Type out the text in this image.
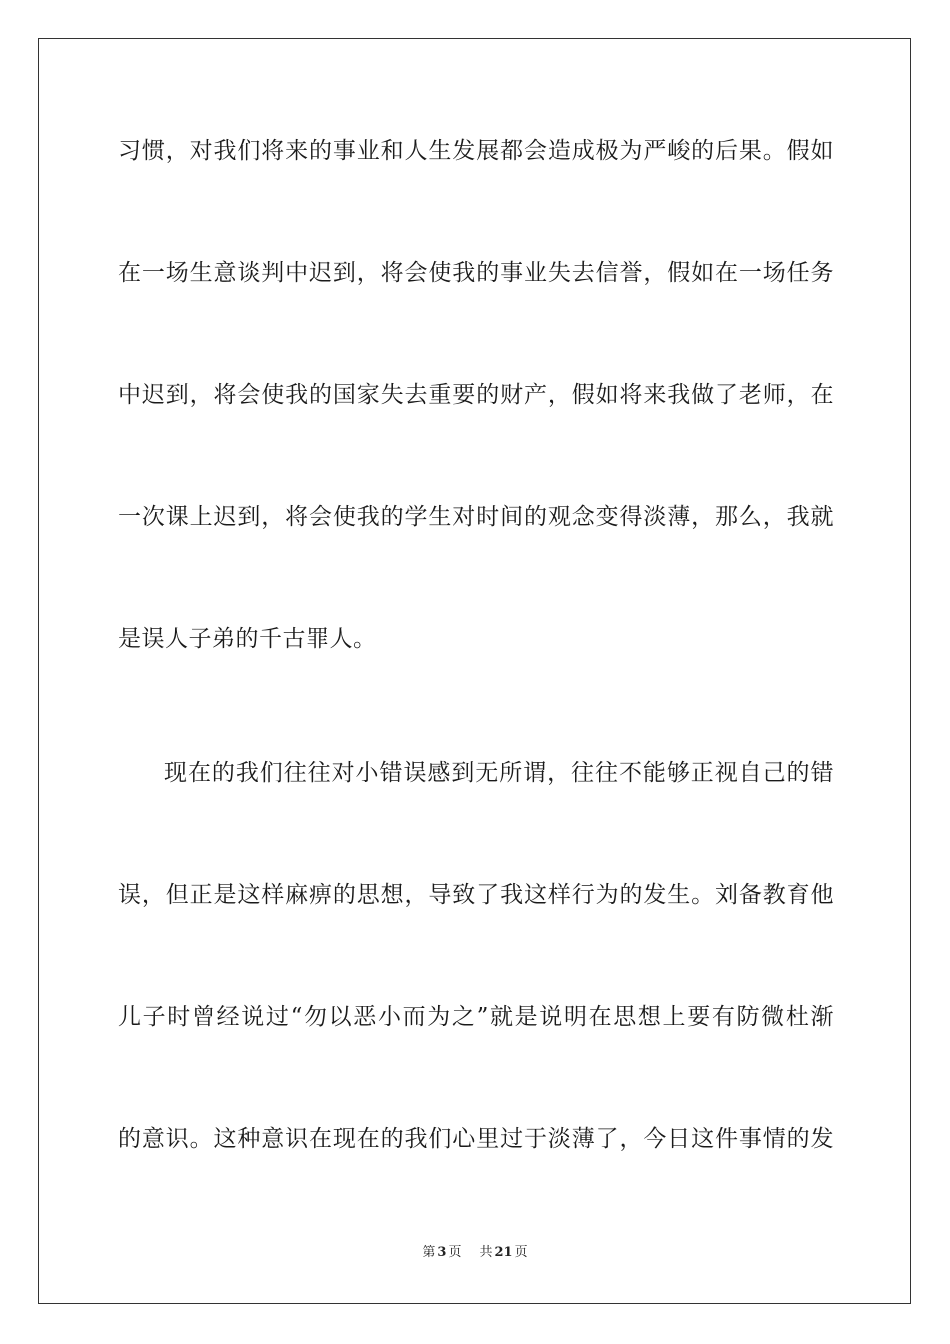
习惯，对我们将来的事业和人生发展都会造成极为严峻的后果。假如
在一场生意谈判中迟到，将会使我的事业失去信誉，假如在一场任务
中迟到，将会使我的国家失去重要的财产，假如将来我做了老师，在
一次课上迟到，将会使我的学生对时间的观念变得淡薄，那么，我就
是误人子弟的千古罪人。
现在的我们往往对小错误感到无所谓，往往不能够正视自己的错
误，但正是这样麻痹的思想，导致了我这样行为的发生。刘备教育他
儿子时曾经说过“勿以恶小而为之”就是说明在思想上要有防微杜渐
的意识。这种意识在现在的我们心里过于淡薄了，今日这件事情的发
第 3 页 共 21 页
